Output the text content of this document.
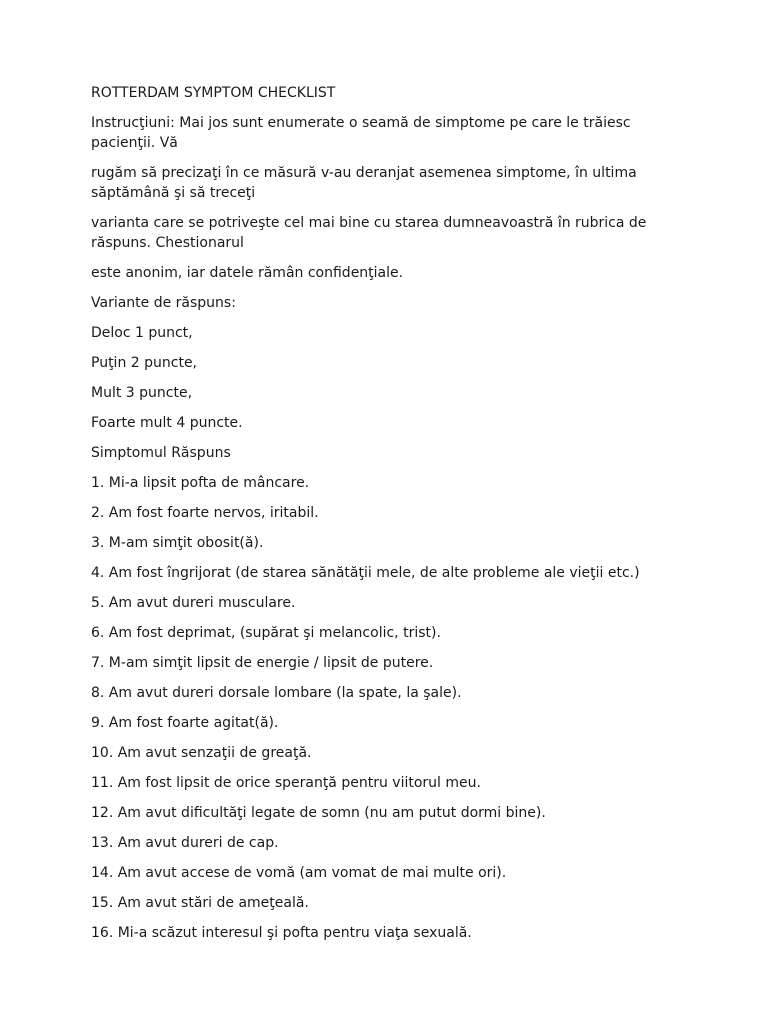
ROTTERDAM SYMPTOM CHECKLIST

Instrucţiuni: Mai jos sunt enumerate o seamă de simptome pe care le trăiesc pacienţii. Vă

rugăm să precizaţi în ce măsură v-au deranjat asemenea simptome, în ultima săptămână şi să treceţi

varianta care se potriveşte cel mai bine cu starea dumneavoastră în rubrica de răspuns. Chestionarul

este anonim, iar datele rămân confidenţiale.

Variante de răspuns:

Deloc 1 punct,

Puţin 2 puncte,

Mult 3 puncte,

Foarte mult 4 puncte.

Simptomul Răspuns

1. Mi-a lipsit pofta de mâncare.
2. Am fost foarte nervos, iritabil.
3. M-am simţit obosit(ă).
4. Am fost îngrijorat (de starea sănătăţii mele, de alte probleme ale vieţii etc.)
5. Am avut dureri musculare.
6. Am fost deprimat, (supărat şi melancolic, trist).
7. M-am simţit lipsit de energie / lipsit de putere.
8. Am avut dureri dorsale lombare (la spate, la şale).
9. Am fost foarte agitat(ă).
10. Am avut senzaţii de greaţă.
11. Am fost lipsit de orice speranţă pentru viitorul meu.
12. Am avut dificultăţi legate de somn (nu am putut dormi bine).
13. Am avut dureri de cap.
14. Am avut accese de vomă (am vomat de mai multe ori).
15. Am avut stări de ameţeală.
16. Mi-a scăzut interesul şi pofta pentru viaţa sexuală.
